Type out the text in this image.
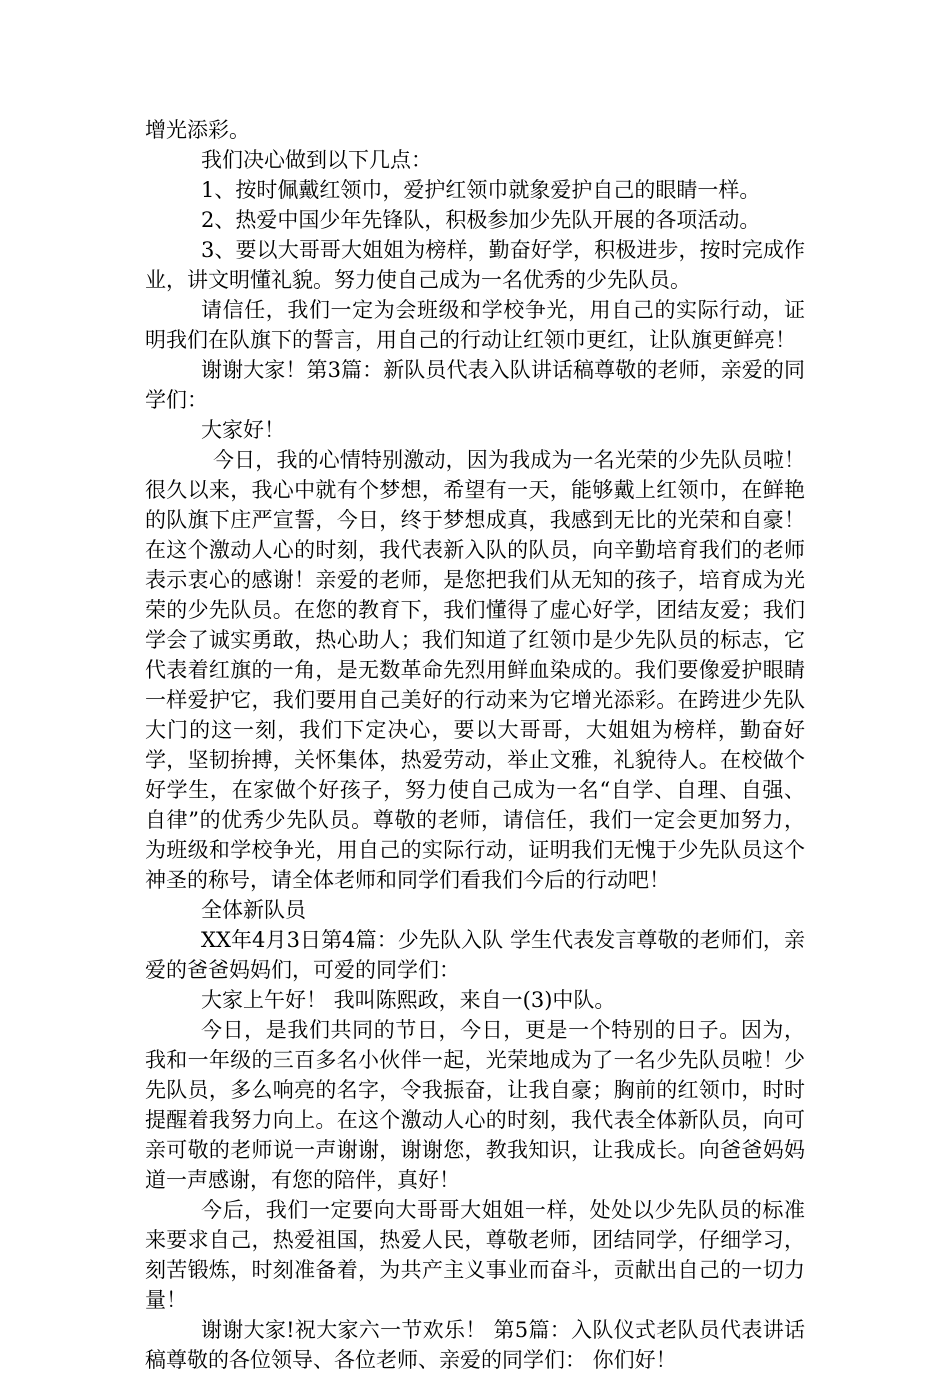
增光添彩。

我们决心做到以下几点：

1、按时佩戴红领巾，爱护红领巾就象爱护自己的眼睛一样。

2、热爱中国少年先锋队，积极参加少先队开展的各项活动。

3、要以大哥哥大姐姐为榜样，勤奋好学，积极进步，按时完成作业，讲文明懂礼貌。努力使自己成为一名优秀的少先队员。

请信任，我们一定为会班级和学校争光，用自己的实际行动，证明我们在队旗下的誓言，用自己的行动让红领巾更红，让队旗更鲜亮！

谢谢大家！第3篇：新队员代表入队讲话稿尊敬的老师，亲爱的同学们：

大家好！

今日，我的心情特别激动，因为我成为一名光荣的少先队员啦！很久以来，我心中就有个梦想，希望有一天，能够戴上红领巾，在鲜艳的队旗下庄严宣誓，今日，终于梦想成真，我感到无比的光荣和自豪！在这个激动人心的时刻，我代表新入队的队员，向辛勤培育我们的老师表示衷心的感谢！亲爱的老师，是您把我们从无知的孩子，培育成为光荣的少先队员。在您的教育下，我们懂得了虚心好学，团结友爱；我们学会了诚实勇敢，热心助人；我们知道了红领巾是少先队员的标志，它代表着红旗的一角，是无数革命先烈用鲜血染成的。我们要像爱护眼睛一样爱护它，我们要用自己美好的行动来为它增光添彩。在跨进少先队大门的这一刻，我们下定决心，要以大哥哥，大姐姐为榜样，勤奋好学，坚韧拚搏，关怀集体，热爱劳动，举止文雅，礼貌待人。在校做个好学生，在家做个好孩子，努力使自己成为一名“自学、自理、自强、自律”的优秀少先队员。尊敬的老师，请信任，我们一定会更加努力，为班级和学校争光，用自己的实际行动，证明我们无愧于少先队员这个神圣的称号，请全体老师和同学们看我们今后的行动吧！

全体新队员

XX年4月3日第4篇：少先队入队 学生代表发言尊敬的老师们，亲爱的爸爸妈妈们，可爱的同学们：

大家上午好！ 我叫陈熙政，来自一(3)中队。

今日，是我们共同的节日，今日，更是一个特别的日子。因为，我和一年级的三百多名小伙伴一起，光荣地成为了一名少先队员啦！少先队员，多么响亮的名字，令我振奋，让我自豪；胸前的红领巾，时时提醒着我努力向上。在这个激动人心的时刻，我代表全体新队员，向可亲可敬的老师说一声谢谢，谢谢您，教我知识，让我成长。向爸爸妈妈道一声感谢，有您的陪伴，真好！

今后，我们一定要向大哥哥大姐姐一样，处处以少先队员的标准来要求自己，热爱祖国，热爱人民，尊敬老师，团结同学，仔细学习，刻苦锻炼，时刻准备着，为共产主义事业而奋斗，贡献出自己的一切力量！

谢谢大家!祝大家六一节欢乐！ 第5篇：入队仪式老队员代表讲话稿尊敬的各位领导、各位老师、亲爱的同学们： 你们好！
